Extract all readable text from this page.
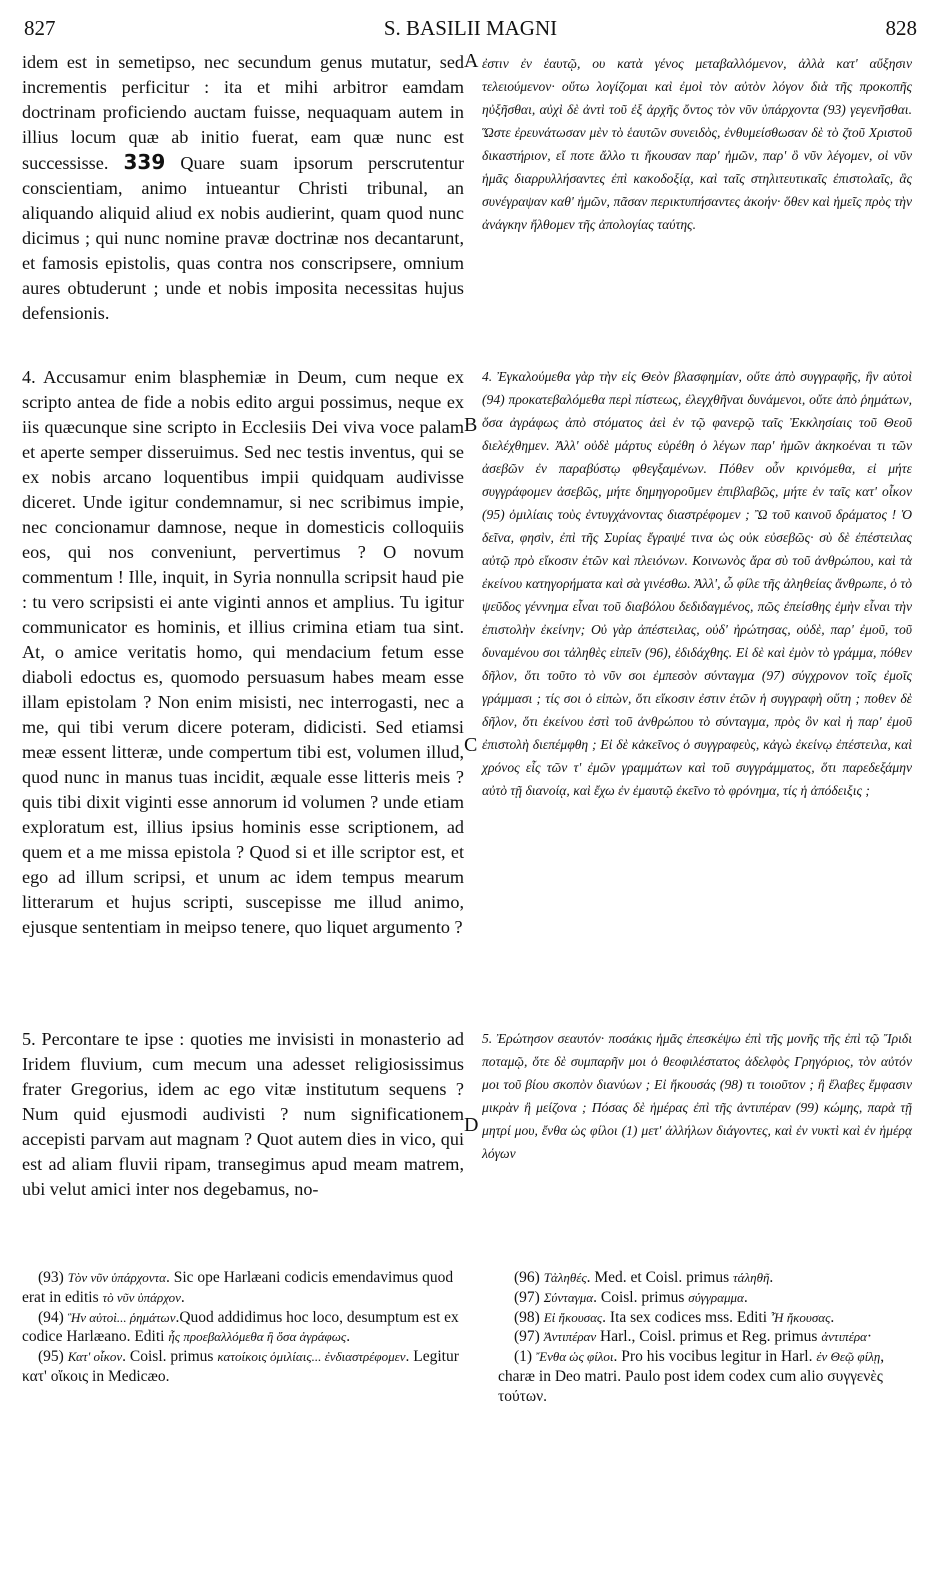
827	S. BASILII MAGNI	828

idem est in semetipso, nec secundum genus mutatur, sed incrementis perficitur : ita et mihi arbitror eamdam doctrinam proficiendo auctam fuisse, nequaquam autem in illius locum quæ ab initio fuerat, eam quæ nunc est successisse. 339 Quare suam ipsorum perscrutentur conscientiam, animo intueantur Christi tribunal, an aliquando aliquid aliud ex nobis audierint, quam quod nunc dicimus ; qui nunc nomine pravæ doctrinæ nos decantarunt, et famosis epistolis, quas contra nos conscripsere, omnium aures obtuderunt ; unde et nobis imposita necessitas hujus defensionis.

4. Accusamur enim blasphemiæ in Deum, cum neque ex scripto antea de fide a nobis edito argui possimus, neque ex iis quæcunque sine scripto in Ecclesiis Dei viva voce palam et aperte semper disseruimus. Sed nec testis inventus, qui se ex nobis arcano loquentibus impii quidquam audivisse diceret. Unde igitur condemnamur, si nec scribimus impie, nec concionamur damnose, neque in domesticis colloquiis eos, qui nos conveniunt, pervertimus ? O novum commentum ! Ille, inquit, in Syria nonnulla scripsit haud pie : tu vero scripsisti ei ante viginti annos et amplius. Tu igitur communicator es hominis, et illius crimina etiam tua sint. At, o amice veritatis homo, qui mendacium fetum esse diaboli edoctus es, quomodo persuasum habes meam esse illam epistolam ? Non enim misisti, nec interrogasti, nec a me, qui tibi verum dicere poteram, didicisti. Sed etiamsi meæ essent litteræ, unde compertum tibi est, volumen illud, quod nunc in manus tuas incidit, æquale esse litteris meis ? quis tibi dixit viginti esse annorum id volumen ? unde etiam exploratum est, illius ipsius hominis esse scriptionem, ad quem et a me missa epistola ? Quod si et ille scriptor est, et ego ad illum scripsi, et unum ac idem tempus mearum litterarum et hujus scripti, suscepisse me illud animo, ejusque sententiam in meipso tenere, quo liquet argumento ?

5. Percontare te ipse : quoties me invisisti in monasterio ad Iridem fluvium, cum mecum una adesset religiosissimus frater Gregorius, idem ac ego vitæ institutum sequens ? Num quid ejusmodi audivisti ? num significationem accepisti parvam aut magnam ? Quot autem dies in vico, qui est ad aliam fluvii ripam, transegimus apud meam matrem, ubi velut amici inter nos degebamus, no-

A
B
C
D

ἐστιν ἐν ἑαυτῷ, ου κατὰ γένος μεταβαλλόμενον, ἀλλὰ κατ' αὔξησιν τελειούμενον· οὕτω λογίζομαι καὶ ἐμοὶ τὸν αὐτὸν λόγον διὰ τῆς προκοπῆς ηὐξῆσθαι, αὐχὶ δὲ ἀντὶ τοῦ ἐξ ἀρχῆς ὄντος τὸν νῦν ὑπάρχοντα (93) γεγενῆσθαι. Ὥστε ἐρευνάτωσαν μὲν τὸ ἑαυτῶν συνειδὸς, ἐνθυμείσθωσαν δὲ τὸ ζτοῦ Χριστοῦ δικαστήριον, εἴ ποτε ἄλλο τι ἤκουσαν παρ' ἡμῶν, παρ' ὃ νῦν λέγομεν, οἱ νῦν ἡμᾶς διαρρυλλήσαντες ἐπὶ κακοδοξίᾳ, καὶ ταῖς στηλιτευτικαῖς ἐπιστολαῖς, ἃς συνέγραψαν καθ' ἡμῶν, πᾶσαν περικτυπήσαντες ἀκοήν· ὅθεν καὶ ἡμεῖς πρὸς τὴν ἀνάγκην ἤλθομεν τῆς ἀπολογίας ταύτης.

4. Ἐγκαλούμεθα γὰρ τὴν εἰς Θεὸν βλασφημίαν, οὔτε ἀπὸ συγγραφῆς, ἣν αὐτοὶ (94) προκατεβαλόμεθα περὶ πίστεως, ἐλεγχθῆναι δυνάμενοι, οὔτε ἀπὸ ῥημάτων, ὅσα ἀγράφως ἀπὸ στόματος ἀεὶ ἐν τῷ φανερῷ ταῖς Ἐκκλησίαις τοῦ Θεοῦ διελέχθημεν. Ἀλλ' οὐδὲ μάρτυς εὑρέθη ὁ λέγων παρ' ἡμῶν ἀκηκοέναι τι τῶν ἀσεβῶν ἐν παραβύστῳ φθεγξαμένων. Πόθεν οὖν κρινόμεθα, εἰ μήτε συγγράφομεν ἀσεβῶς, μήτε δημηγοροῦμεν ἐπιβλαβῶς, μήτε ἐν ταῖς κατ' οἶκον (95) ὁμιλίαις τοὺς ἐντυγχάνοντας διαστρέφομεν ; Ὢ τοῦ καινοῦ δράματος ! Ὁ δεῖνα, φησὶν, ἐπὶ τῆς Συρίας ἔγραψέ τινα ὡς οὐκ εὐσεβῶς· σὺ δὲ ἐπέστειλας αὐτῷ πρὸ εἴκοσιν ἐτῶν καὶ πλειόνων. Κοινωνὸς ἄρα σὺ τοῦ ἀνθρώπου, καὶ τὰ ἐκείνου κατηγορήματα καὶ σὰ γινέσθω. Ἀλλ', ὦ φίλε τῆς ἀληθείας ἄνθρωπε, ὁ τὸ ψεῦδος γέννημα εἶναι τοῦ διαβόλου δεδιδαγμένος, πῶς ἐπείσθης ἐμὴν εἶναι τὴν ἐπιστολὴν ἐκείνην; Οὐ γὰρ ἀπέστειλας, οὐδ' ἠρώτησας, οὐδὲ, παρ' ἐμοῦ, τοῦ δυναμένου σοι τἀληθὲς εἰπεῖν (96), ἐδιδάχθης. Εἰ δὲ καὶ ἐμὸν τὸ γράμμα, πόθεν δῆλον, ὅτι τοῦτο τὸ νῦν σοι ἐμπεσὸν σύνταγμα (97) σύγχρονον τοῖς ἐμοῖς γράμμασι ; τίς σοι ὁ εἰπὼν, ὅτι εἴκοσιν ἐστιν ἐτῶν ἡ συγγραφὴ οὕτη ; ποθεν δὲ δῆλον, ὅτι ἐκείνου ἐστὶ τοῦ ἀνθρώπου τὸ σύνταγμα, πρὸς ὃν καὶ ἡ παρ' ἐμοῦ ἐπιστολὴ διεπέμφθη ; Εἰ δὲ κἀκεῖνος ὁ συγγραφεὺς, κἀγὼ ἐκείνῳ ἐπέστειλα, καὶ χρόνος εἷς τῶν τ' ἐμῶν γραμμάτων καὶ τοῦ συγγράμματος, ὅτι παρεδεξάμην αὐτὸ τῇ διανοίᾳ, καὶ ἔχω ἐν ἐμαυτῷ ἐκεῖνο τὸ φρόνημα, τίς ἡ ἀπόδειξις ;

5. Ἐρώτησον σεαυτόν· ποσάκις ἡμᾶς ἐπεσκέψω ἐπὶ τῆς μονῆς τῆς ἐπὶ τῷ Ἴριδι ποταμῷ, ὅτε δὲ συμπαρῆν μοι ὁ θεοφιλέστατος ἀδελφὸς Γρηγόριος, τὸν αὐτόν μοι τοῦ βίου σκοπὸν διανύων ; Εἰ ἤκουσάς (98) τι τοιοῦτον ; ἢ ἔλαβες ἔμφασιν μικρὰν ἢ μείζονα ; Πόσας δὲ ἡμέρας ἐπὶ τῆς ἀντιπέραν (99) κώμης, παρὰ τῇ μητρί μου, ἔνθα ὡς φίλοι (1) μετ' ἀλλήλων διάγοντες, καὶ ἐν νυκτὶ καὶ ἐν ἡμέρᾳ λόγων

(93) Τὸν νῦν ὑπάρχοντα. Sic ope Harlæani codicis emendavimus quod erat in editis τὸ νῦν ὑπάρχον.

(94) Ἣν αὐτοὶ... ῥημάτων.Quod addidimus hoc loco, desumptum est ex codice Harlæano. Editi ἧς προεβαλλόμεθα ἢ ὅσα ἀγράφως.

(95) Κατ' οἶκον. Coisl. primus κατοίκοις ὁμιλίαις... ἐνδιαστρέφομεν. Legitur κατ' οἴκοις in Medicæo.

(96) Τἀληθές. Med. et Coisl. primus τάληθῆ.

(97) Σύνταγμα. Coisl. primus σύγγραμμα.

(98) Εἰ ἤκουσας. Ita sex codices mss. Editi Ἦ ἤκουσας.

(97) Ἀντιπέραν Harl., Coisl. primus et Reg. primus ἀντιπέρα·

(1) Ἔνθα ὡς φίλοι. Pro his vocibus legitur in Harl. ἐν Θεῷ φίλῃ, charæ in Deo matri. Paulo post idem codex cum alio συγγενὲς τούτων.
